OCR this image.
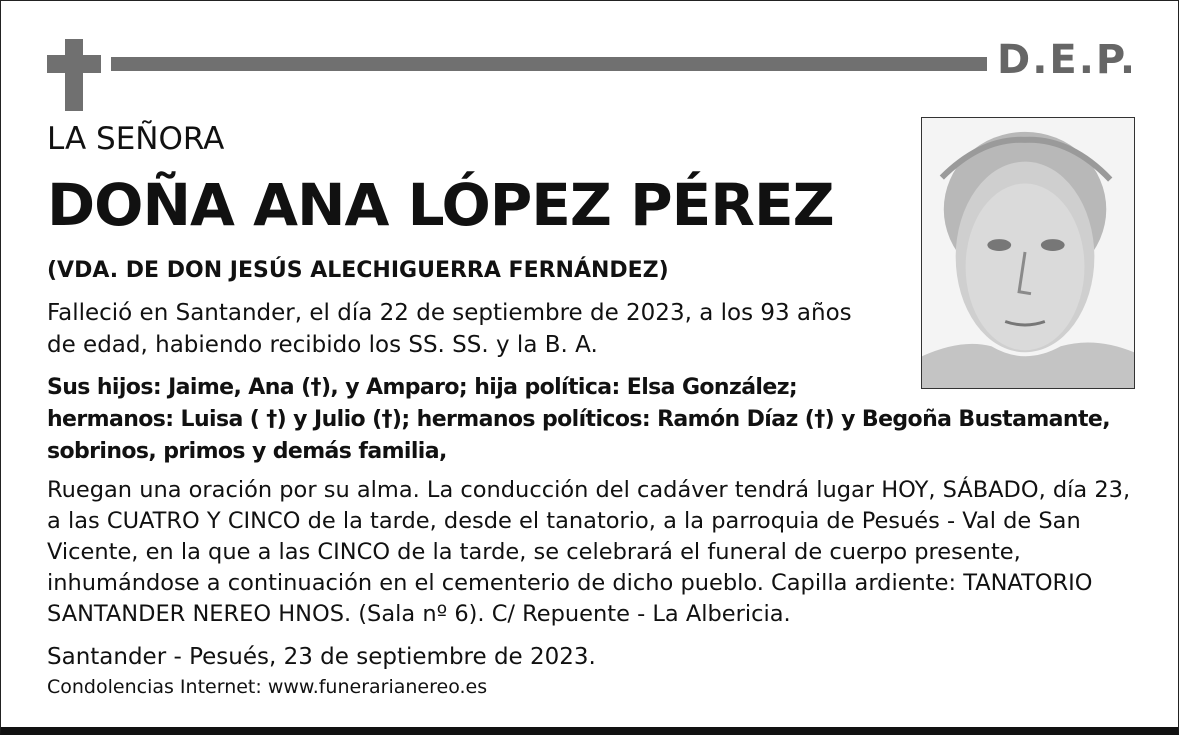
D.E.P.
LA SEÑORA
DOÑA ANA LÓPEZ PÉREZ
(VDA. DE DON JESÚS ALECHIGUERRA FERNÁNDEZ)
Falleció en Santander, el día 22 de septiembre de 2023, a los 93 años
de edad, habiendo recibido los SS. SS. y la B. A.
Sus hijos: Jaime, Ana (†), y Amparo; hija política: Elsa González;
hermanos: Luisa ( †) y Julio (†); hermanos políticos: Ramón Díaz (†) y Begoña Bustamante,
sobrinos, primos y demás familia,
Ruegan una oración por su alma. La conducción del cadáver tendrá lugar HOY, SÁBADO, día 23,
a las CUATRO Y CINCO de la tarde, desde el tanatorio, a la parroquia de Pesués - Val de San
Vicente, en la que a las CINCO de la tarde, se celebrará el funeral de cuerpo presente,
inhumándose a continuación en el cementerio de dicho pueblo. Capilla ardiente: TANATORIO
SANTANDER NEREO HNOS. (Sala nº 6). C/ Repuente - La Albericia.
Santander - Pesués, 23 de septiembre de 2023.
Condolencias Internet: www.funerarianereo.es
